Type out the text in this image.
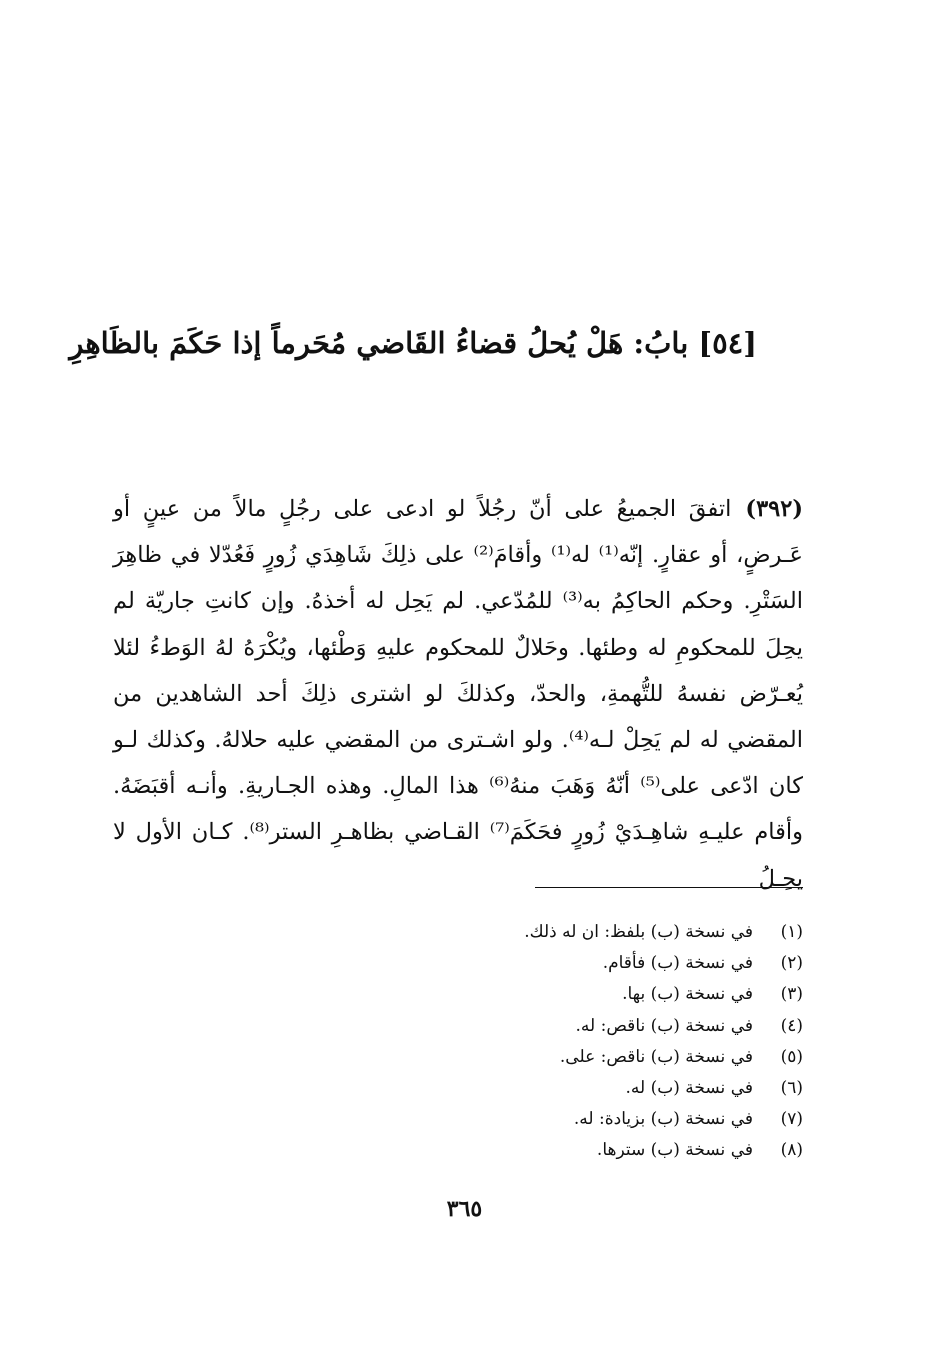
[٥٤] بابُ: هَلْ يُحلُ قضاءُ القَاضي مُحَرماً إذا حَكَمَ بالظَاهِرِ

(٣٩٢)اتفقَ الجميعُ على أنّ رجُلاً لو ادعى على رجُلٍ مالاً من عينٍ أو عَـرضٍ، أو عقارٍ. إنّه⁽¹⁾ له⁽¹⁾ وأقامَ⁽²⁾ على ذلِكَ شَاهِدَي زُورٍ فَعُدّلا في ظاهِرَ السَتْرِ. وحكم الحاكِمُ به⁽³⁾ للمُدّعي. لم يَحِل له أخذهُ. وإن كانتِ جاريّة لم يحِلَ للمحكومِ له وطئها. وحَلالٌ للمحكوم عليهِ وَطْئها، ويُكْرَهُ لهُ الوَطءُ لئلا يُعـرّض نفسهُ للتُّهمةِ، والحدّ، وكذلكَ لو اشترى ذلِكَ أحد الشاهدين من المقضي له لم يَحِلْ لـه⁽⁴⁾. ولو اشـترى من المقضي عليه حلالهُ. وكذلك لـو كان ادّعى على⁽⁵⁾ أنّهُ وَهَبَ منهُ⁽⁶⁾ هذا المالِ. وهذه الجـاريةِ. وأنـه أقبَضَهُ. وأقام عليـهِ شاهِـدَيْ زُورٍ فحَكَمَ⁽⁷⁾ القـاضي بظاهـرِ الستر⁽⁸⁾. كـان الأول لا يحِـلُ

(١)
في نسخة (ب) بلفظ: ان له ذلك.
(٢)
في نسخة (ب) فأقام.
(٣)
في نسخة (ب) بها.
(٤)
في نسخة (ب) ناقص: له.
(٥)
في نسخة (ب) ناقص: على.
(٦)
في نسخة (ب) له.
(٧)
في نسخة (ب) بزيادة: له.
(٨)
في نسخة (ب) سترها.
٣٦٥
